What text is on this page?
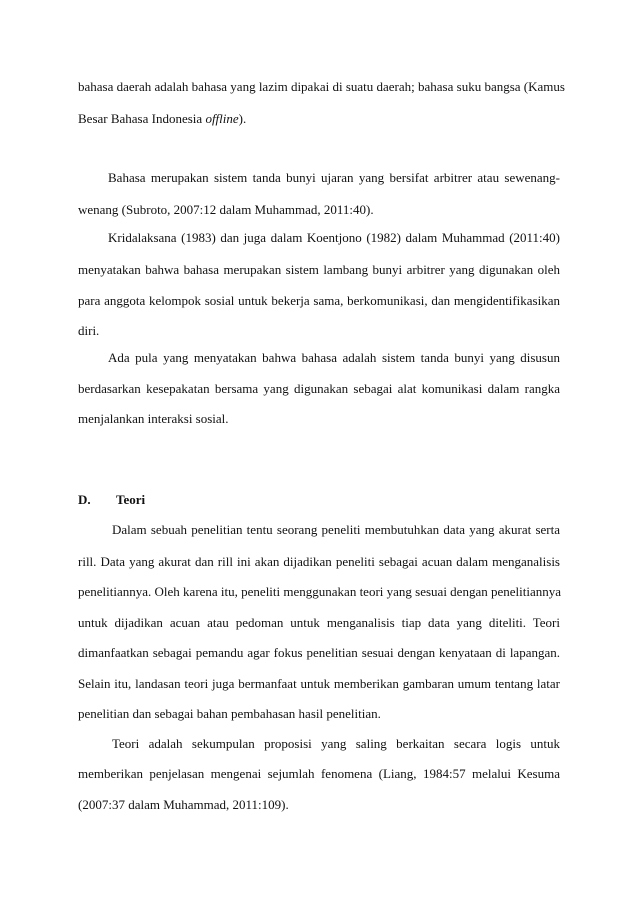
bahasa daerah adalah bahasa yang lazim dipakai di suatu daerah; bahasa suku bangsa (Kamus
Besar Bahasa Indonesia offline).
Bahasa merupakan sistem tanda bunyi ujaran yang bersifat arbitrer atau sewenang-
wenang (Subroto, 2007:12 dalam Muhammad, 2011:40).
Kridalaksana (1983) dan juga dalam Koentjono (1982) dalam Muhammad (2011:40)
menyatakan bahwa bahasa merupakan sistem lambang bunyi arbitrer yang digunakan oleh
para anggota kelompok sosial untuk bekerja sama, berkomunikasi, dan mengidentifikasikan
diri.
Ada pula yang menyatakan bahwa bahasa adalah sistem tanda bunyi yang disusun
berdasarkan kesepakatan bersama yang digunakan sebagai alat komunikasi dalam rangka
menjalankan interaksi sosial.
D. Teori
Dalam sebuah penelitian tentu seorang peneliti membutuhkan data yang akurat serta
rill. Data yang akurat dan rill ini akan dijadikan peneliti sebagai acuan dalam menganalisis
penelitiannya. Oleh karena itu, peneliti menggunakan teori yang sesuai dengan penelitiannya
untuk dijadikan acuan atau pedoman untuk menganalisis tiap data yang diteliti. Teori
dimanfaatkan sebagai pemandu agar fokus penelitian sesuai dengan kenyataan di lapangan.
Selain itu, landasan teori juga bermanfaat untuk memberikan gambaran umum tentang latar
penelitian dan sebagai bahan pembahasan hasil penelitian.
Teori adalah sekumpulan proposisi yang saling berkaitan secara logis untuk
memberikan penjelasan mengenai sejumlah fenomena (Liang, 1984:57 melalui Kesuma
(2007:37 dalam Muhammad, 2011:109).
